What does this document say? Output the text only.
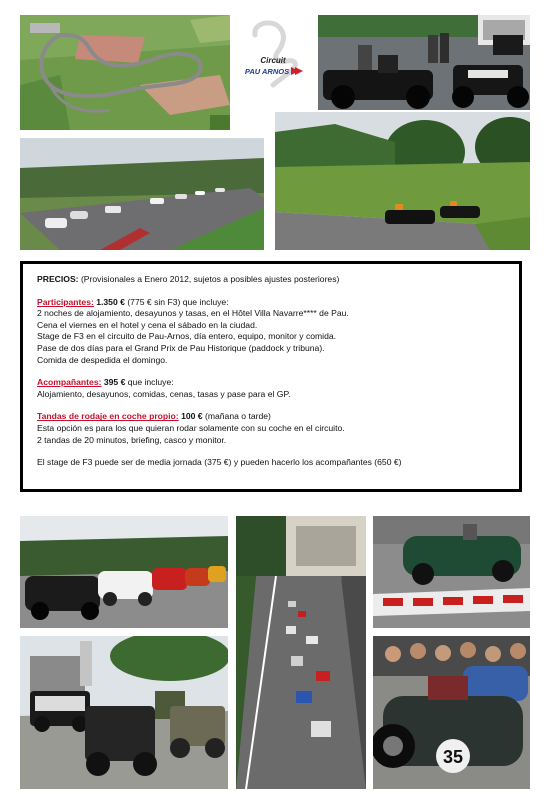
Circuit
PAU ARNOS

PRECIOS: (Provisionales a Enero 2012, sujetos a posibles ajustes posteriores)

Participantes: 1.350 € (775 € sin F3) que incluye:

2 noches de alojamiento, desayunos y tasas, en el Hôtel Villa Navarre**** de Pau.

Cena el viernes en el hotel y cena el sábado en la ciudad.

Stage de F3 en el circuito de Pau-Arnos, día entero, equipo, monitor y comida.

Pase de dos días para el Grand Prix de Pau Historique (paddock y tribuna).

Comida de despedida el domingo.

Acompañantes: 395 € que incluye:

Alojamiento, desayunos, comidas, cenas, tasas y pase para el GP.

Tandas de rodaje en coche propio: 100 € (mañana o tarde)

Esta opción es para los que quieran rodar solamente con su coche en el circuito.

2 tandas de 20 minutos, briefing, casco y monitor.

El stage de F3 puede ser de media jornada (375 €) y pueden hacerlo los acompañantes (650 €)

35
